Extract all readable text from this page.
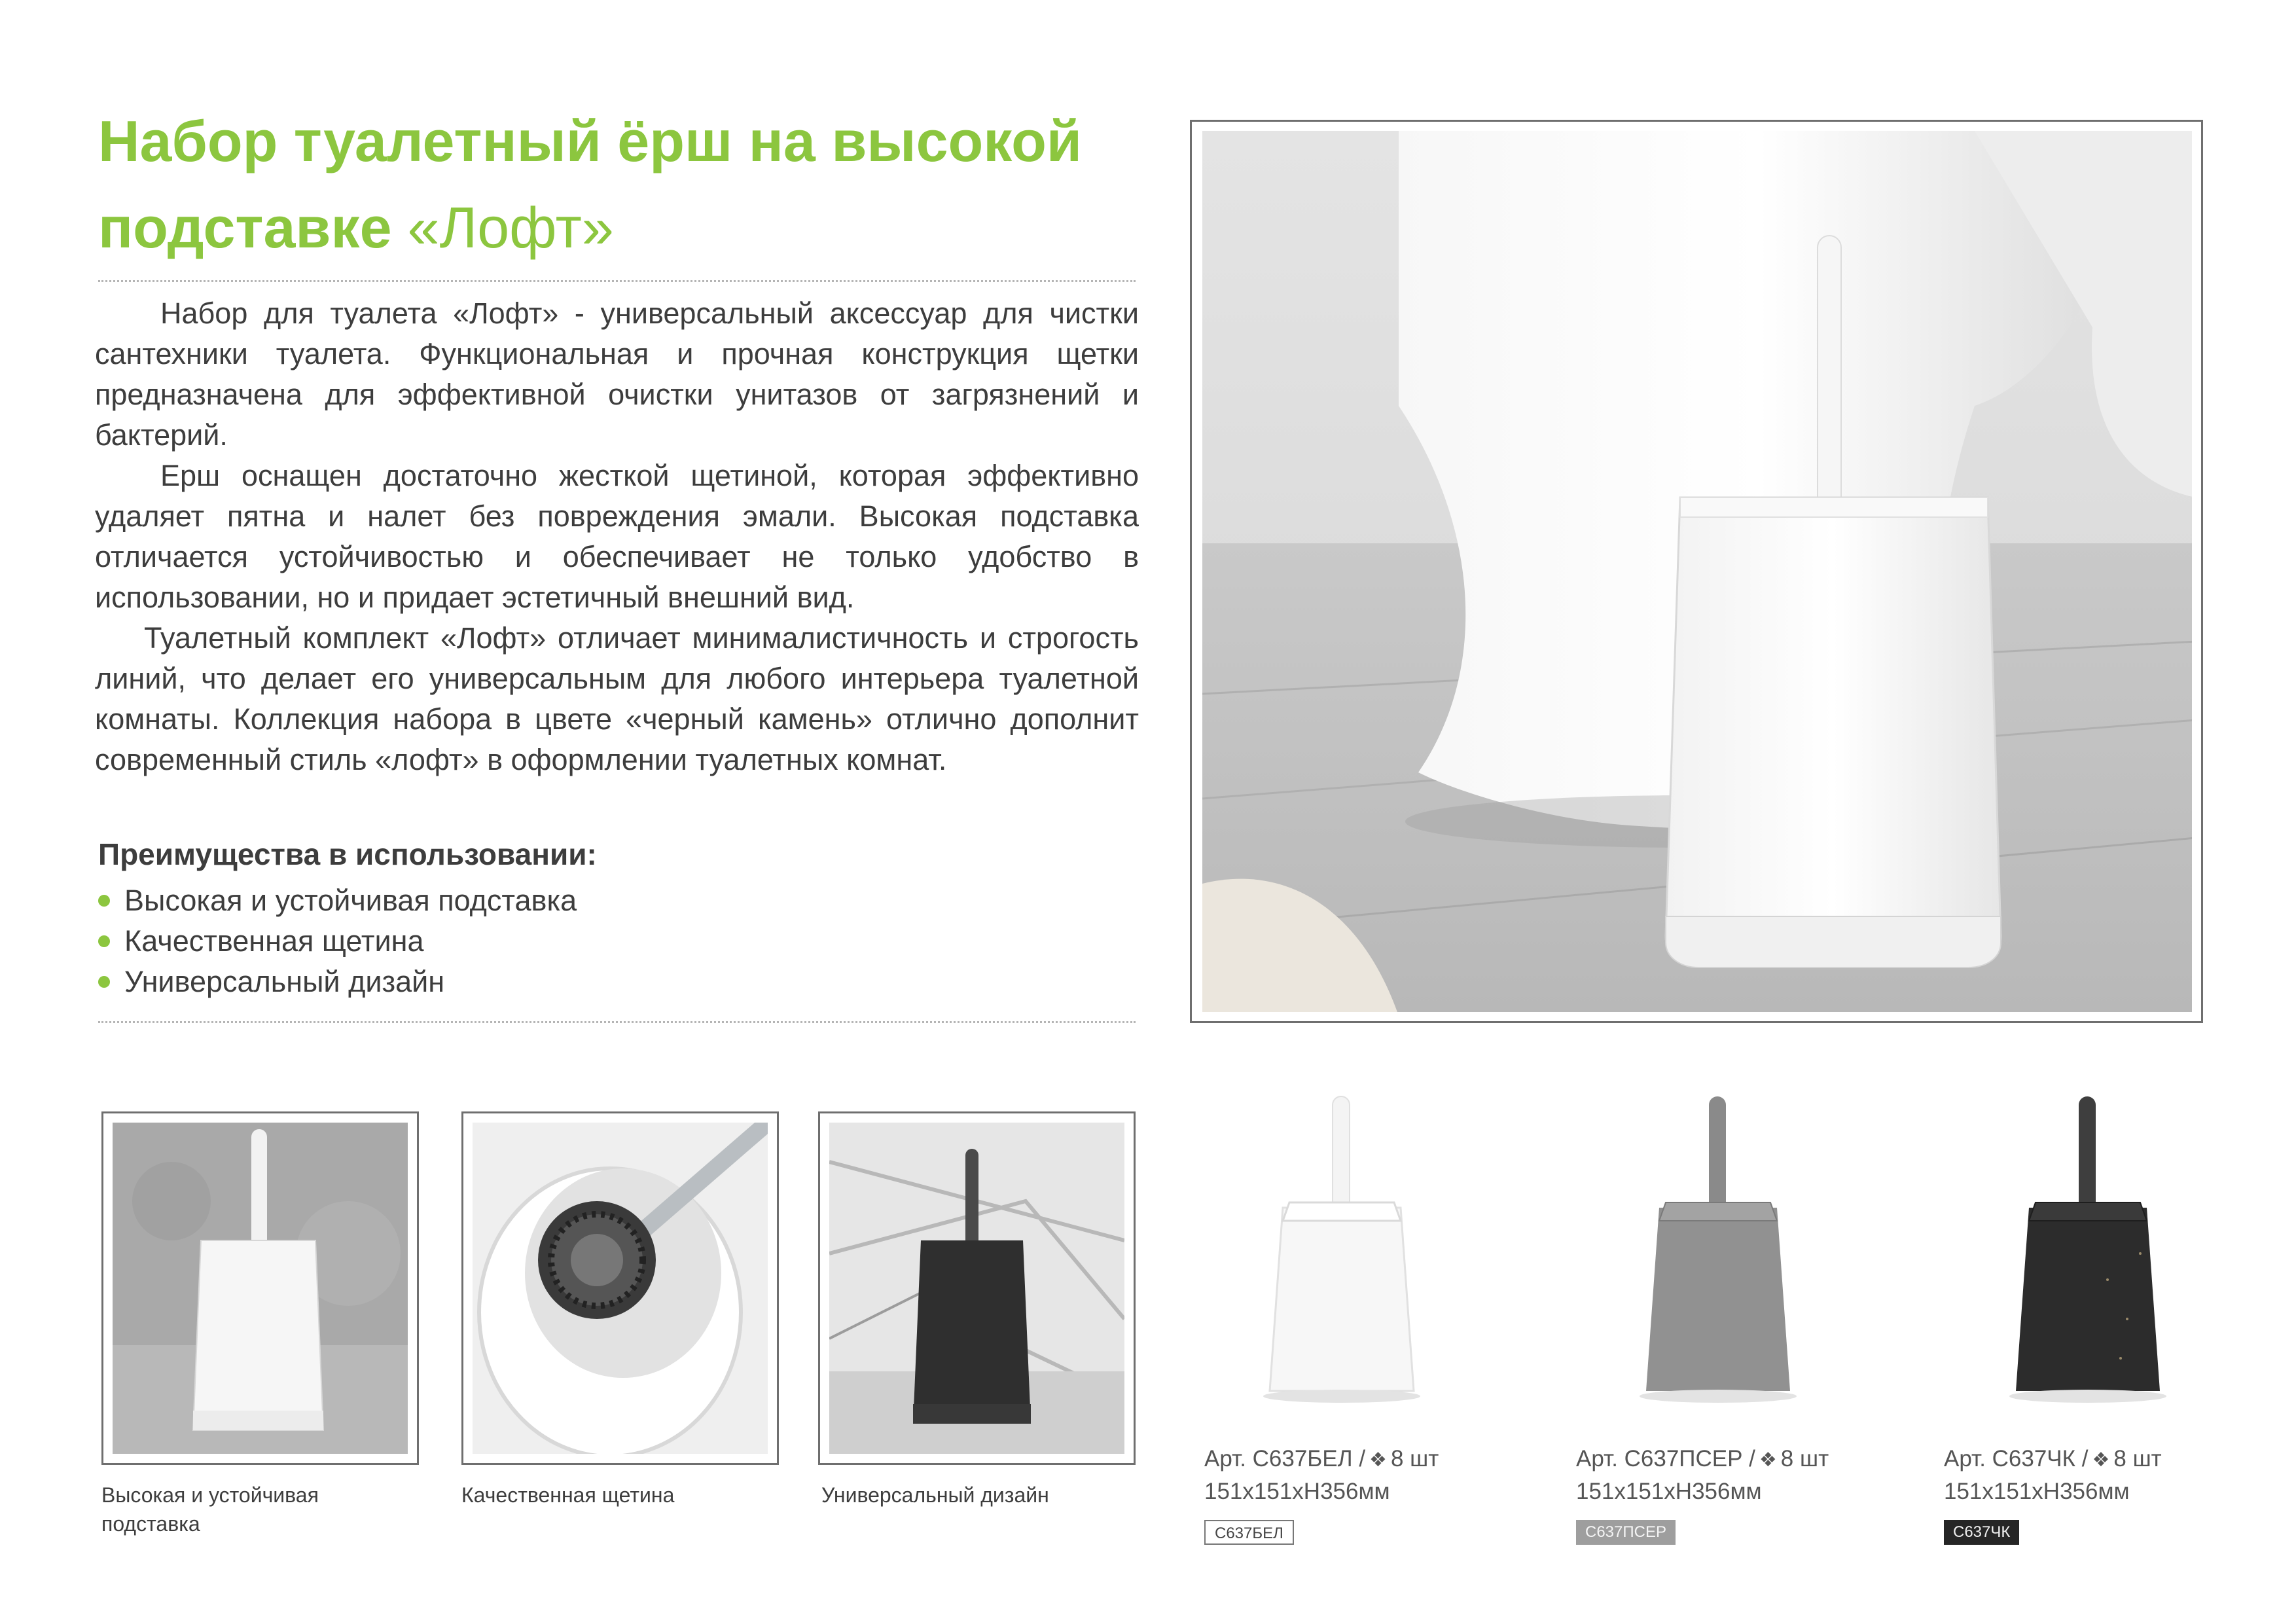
Набор туалетный ёрш на высокой
подставке «Лофт»

Набор для туалета «Лофт» - универсальный аксессуар для чистки сантехники туалета. Функциональная и прочная конструкция щетки предназначена для эффективной очистки унитазов от загрязнений и бактерий.

Ерш оснащен достаточно жесткой щетиной, которая эффективно удаляет пятна и налет без повреждения эмали. Высокая подставка отличается устойчивостью и обеспечивает не только удобство в использовании, но и придает эстетичный внешний вид.

Туалетный комплект «Лофт» отличает минималистичность и строгость линий, что делает его универсальным для любого интерьера туалетной комнаты. Коллекция набора в цвете «черный камень» отлично дополнит современный стиль «лофт» в оформлении туалетных комнат.

Преимущества в использовании:
Высокая и устойчивая подставка
Качественная щетина
Универсальный дизайн
Высокая и устойчивая подставка
Качественная щетина	Универсальный дизайн
Арт. С637БЕЛ / ❖ 8 шт
151х151хН356мм
Арт. С637ПСЕР / ❖ 8 шт
151х151хН356мм
Арт. С637ЧК / ❖ 8 шт
151х151хН356мм
С637БЕЛ	С637ПСЕР	С637ЧК
